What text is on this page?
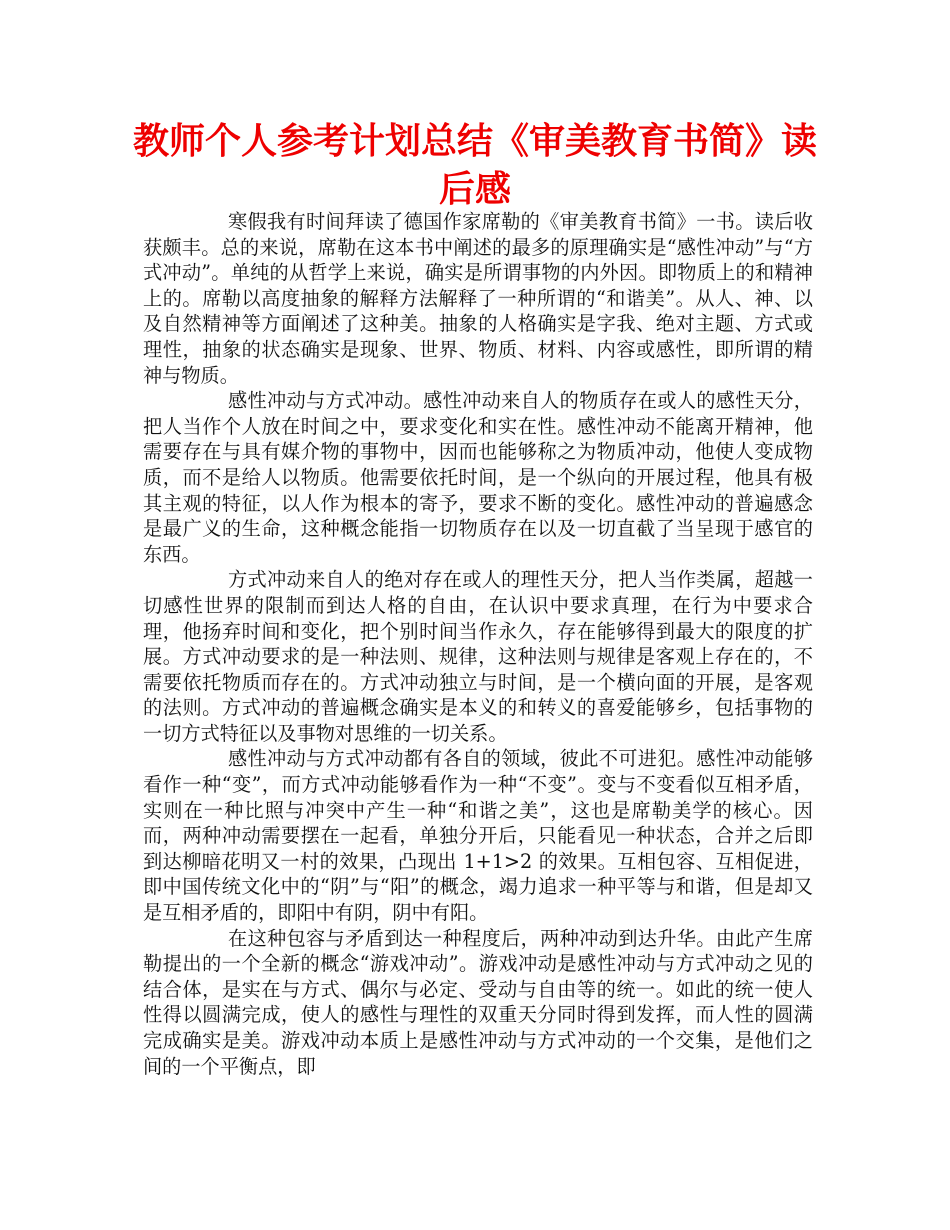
教师个人参考计划总结《审美教育书简》读后感

寒假我有时间拜读了德国作家席勒的《审美教育书简》一书。读后收获颇丰。总的来说，席勒在这本书中阐述的最多的原理确实是“感性冲动”与“方式冲动”。单纯的从哲学上来说，确实是所谓事物的内外因。即物质上的和精神上的。席勒以高度抽象的解释方法解释了一种所谓的“和谐美”。从人、神、以及自然精神等方面阐述了这种美。抽象的人格确实是字我、绝对主题、方式或理性，抽象的状态确实是现象、世界、物质、材料、内容或感性，即所谓的精神与物质。

感性冲动与方式冲动。感性冲动来自人的物质存在或人的感性天分，把人当作个人放在时间之中，要求变化和实在性。感性冲动不能离开精神，他需要存在与具有媒介物的事物中，因而也能够称之为物质冲动，他使人变成物质，而不是给人以物质。他需要依托时间，是一个纵向的开展过程，他具有极其主观的特征，以人作为根本的寄予，要求不断的变化。感性冲动的普遍感念是最广义的生命，这种概念能指一切物质存在以及一切直截了当呈现于感官的东西。

方式冲动来自人的绝对存在或人的理性天分，把人当作类属，超越一切感性世界的限制而到达人格的自由，在认识中要求真理，在行为中要求合理，他扬弃时间和变化，把个别时间当作永久，存在能够得到最大的限度的扩展。方式冲动要求的是一种法则、规律，这种法则与规律是客观上存在的，不需要依托物质而存在的。方式冲动独立与时间，是一个横向面的开展，是客观的法则。方式冲动的普遍概念确实是本义的和转义的喜爱能够乡，包括事物的一切方式特征以及事物对思维的一切关系。

感性冲动与方式冲动都有各自的领域，彼此不可进犯。感性冲动能够看作一种“变”，而方式冲动能够看作为一种“不变”。变与不变看似互相矛盾，实则在一种比照与冲突中产生一种“和谐之美”，这也是席勒美学的核心。因而，两种冲动需要摆在一起看，单独分开后，只能看见一种状态，合并之后即到达柳暗花明又一村的效果，凸现出 1+1>2 的效果。互相包容、互相促进，即中国传统文化中的“阴”与“阳”的概念，竭力追求一种平等与和谐，但是却又是互相矛盾的，即阳中有阴，阴中有阳。

在这种包容与矛盾到达一种程度后，两种冲动到达升华。由此产生席勒提出的一个全新的概念“游戏冲动”。游戏冲动是感性冲动与方式冲动之见的结合体，是实在与方式、偶尔与必定、受动与自由等的统一。如此的统一使人性得以圆满完成，使人的感性与理性的双重天分同时得到发挥，而人性的圆满完成确实是美。游戏冲动本质上是感性冲动与方式冲动的一个交集，是他们之间的一个平衡点，即
